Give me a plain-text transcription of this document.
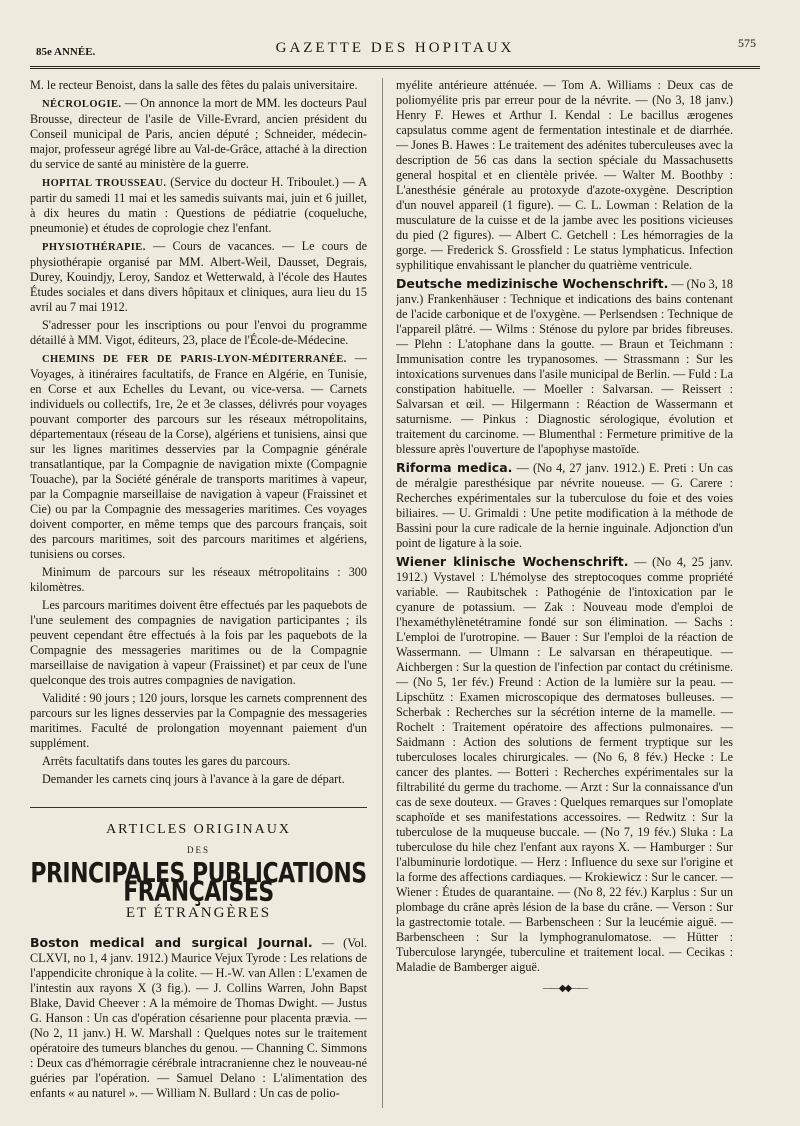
85e ANNÉE.	GAZETTE DES HOPITAUX	575

M. le recteur Benoist, dans la salle des fêtes du palais universitaire.

NÉCROLOGIE. — On annonce la mort de MM. les docteurs Paul Brousse, directeur de l'asile de Ville-Evrard, ancien président du Conseil municipal de Paris, ancien député ; Schneider, médecin-major, professeur agrégé libre au Val-de-Grâce, attaché à la direction du service de santé au ministère de la guerre.

HOPITAL TROUSSEAU. (Service du docteur H. Triboulet.) — A partir du samedi 11 mai et les samedis suivants mai, juin et 6 juillet, à dix heures du matin : Questions de pédiatrie (coqueluche, pneumonie) et études de coprologie chez l'enfant.

PHYSIOTHÉRAPIE. — Cours de vacances. — Le cours de physiothérapie organisé par MM. Albert-Weil, Dausset, Degrais, Durey, Kouindjy, Leroy, Sandoz et Wetterwald, à l'école des Hautes Études sociales et dans divers hôpitaux et cliniques, aura lieu du 15 avril au 7 mai 1912.

S'adresser pour les inscriptions ou pour l'envoi du programme détaillé à MM. Vigot, éditeurs, 23, place de l'École-de-Médecine.

CHEMINS DE FER DE PARIS-LYON-MÉDITERRANÉE. — Voyages, à itinéraires facultatifs, de France en Algérie, en Tunisie, en Corse et aux Echelles du Levant, ou vice-versa. — Carnets individuels ou collectifs, 1re, 2e et 3e classes, délivrés pour voyages pouvant comporter des parcours sur les réseaux métropolitains, départementaux (réseau de la Corse), algériens et tunisiens, ainsi que sur les lignes maritimes desservies par la Compagnie générale transatlantique, par la Compagnie de navigation mixte (Compagnie Touache), par la Société générale de transports maritimes à vapeur, par la Compagnie marseillaise de navigation à vapeur (Fraissinet et Cie) ou par la Compagnie des messageries maritimes. Ces voyages doivent comporter, en même temps que des parcours français, soit des parcours maritimes, soit des parcours maritimes et algériens, tunisiens ou corses.

Minimum de parcours sur les réseaux métropolitains : 300 kilomètres.

Les parcours maritimes doivent être effectués par les paquebots de l'une seulement des compagnies de navigation participantes ; ils peuvent cependant être effectués à la fois par les paquebots de la Compagnie des messageries maritimes ou de la Compagnie marseillaise de navigation à vapeur (Fraissinet) et par ceux de l'une quelconque des trois autres compagnies de navigation.

Validité : 90 jours ; 120 jours, lorsque les carnets comprennent des parcours sur les lignes desservies par la Compagnie des messageries maritimes. Faculté de prolongation moyennant paiement d'un supplément.

Arrêts facultatifs dans toutes les gares du parcours.

Demander les carnets cinq jours à l'avance à la gare de départ.

ARTICLES ORIGINAUX
DES
PRINCIPALES PUBLICATIONS FRANÇAISES
ET ÉTRANGÈRES

Boston medical and surgical Journal. — (Vol. CLXVI, no 1, 4 janv. 1912.) Maurice Vejux Tyrode : Les relations de l'appendicite chronique à la colite. — H.-W. van Allen : L'examen de l'intestin aux rayons X (3 fig.). — J. Collins Warren, John Bapst Blake, David Cheever : A la mémoire de Thomas Dwight. — Justus G. Hanson : Un cas d'opération césarienne pour placenta prævia. — (No 2, 11 janv.) H. W. Marshall : Quelques notes sur le traitement opératoire des tumeurs blanches du genou. — Channing C. Simmons : Deux cas d'hémorragie cérébrale intracranienne chez le nouveau-né guéries par l'opération. — Samuel Delano : L'alimentation des enfants « au naturel ». — William N. Bullard : Un cas de polio-

myélite antérieure atténuée. — Tom A. Williams : Deux cas de poliomyélite pris par erreur pour de la névrite. — (No 3, 18 janv.) Henry F. Hewes et Arthur I. Kendal : Le bacillus ærogenes capsulatus comme agent de fermentation intestinale et de diarrhée. — Jones B. Hawes : Le traitement des adénites tuberculeuses avec la description de 56 cas dans la section spéciale du Massachusetts general hospital et en clientèle privée. — Walter M. Boothby : L'anesthésie générale au protoxyde d'azote-oxygène. Description d'un nouvel appareil (1 figure). — C. L. Lowman : Relation de la musculature de la cuisse et de la jambe avec les positions vicieuses du pied (2 figures). — Albert C. Getchell : Les hémorragies de la gorge. — Frederick S. Grossfield : Le status lymphaticus. Infection syphilitique envahissant le plancher du quatrième ventricule.

Deutsche medizinische Wochenschrift. — (No 3, 18 janv.) Frankenhäuser : Technique et indications des bains contenant de l'acide carbonique et de l'oxygène. — Perlsendsen : Technique de l'appareil plâtré. — Wilms : Sténose du pylore par brides fibreuses. — Plehn : L'atophane dans la goutte. — Braun et Teichmann : Immunisation contre les trypanosomes. — Strassmann : Sur les intoxications survenues dans l'asile municipal de Berlin. — Fuld : La constipation habituelle. — Moeller : Salvarsan. — Reissert : Salvarsan et œil. — Hilgermann : Réaction de Wassermann et saturnisme. — Pinkus : Diagnostic sérologique, évolution et traitement du carcinome. — Blumenthal : Fermeture primitive de la blessure après l'ouverture de l'apophyse mastoïde.

Riforma medica. — (No 4, 27 janv. 1912.) E. Preti : Un cas de méralgie paresthésique par névrite noueuse. — G. Carere : Recherches expérimentales sur la tuberculose du foie et des voies biliaires. — U. Grimaldi : Une petite modification à la méthode de Bassini pour la cure radicale de la hernie inguinale. Adjonction d'un point de ligature à la soie.

Wiener klinische Wochenschrift. — (No 4, 25 janv. 1912.) Vystavel : L'hémolyse des streptocoques comme propriété variable. — Raubitschek : Pathogénie de l'intoxication par le cyanure de potassium. — Zak : Nouveau mode d'emploi de l'hexaméthylènetétramine fondé sur son élimination. — Sachs : L'emploi de l'urotropine. — Bauer : Sur l'emploi de la réaction de Wassermann. — Ulmann : Le salvarsan en thérapeutique. — Aichbergen : Sur la question de l'infection par contact du crétinisme. — (No 5, 1er fév.) Freund : Action de la lumière sur la peau. — Lipschütz : Examen microscopique des dermatoses bulleuses. — Scherbak : Recherches sur la sécrétion interne de la mamelle. — Rochelt : Traitement opératoire des affections pulmonaires. — Saidmann : Action des solutions de ferment tryptique sur les tuberculoses locales chirurgicales. — (No 6, 8 fév.) Hecke : Le cancer des plantes. — Botteri : Recherches expérimentales sur la filtrabilité du germe du trachome. — Arzt : Sur la connaissance d'un cas de sexe douteux. — Graves : Quelques remarques sur l'omoplate scaphoïde et ses manifestations accessoires. — Redwitz : Sur la tuberculose de la muqueuse buccale. — (No 7, 19 fév.) Sluka : La tuberculose du hile chez l'enfant aux rayons X. — Hamburger : Sur l'albuminurie lordotique. — Herz : Influence du sexe sur l'origine et la forme des affections cardiaques. — Krokiewicz : Sur le cancer. — Wiener : Études de quarantaine. — (No 8, 22 fév.) Karplus : Sur un plombage du crâne après lésion de la base du crâne. — Verson : Sur la gastrectomie totale. — Barbenscheen : Sur la leucémie aiguë. — Barbenscheen : Sur la lymphogranulomatose. — Hütter : Tuberculose laryngée, tuberculine et traitement local. — Cecikas : Maladie de Bamberger aiguë.

——◆◆——
